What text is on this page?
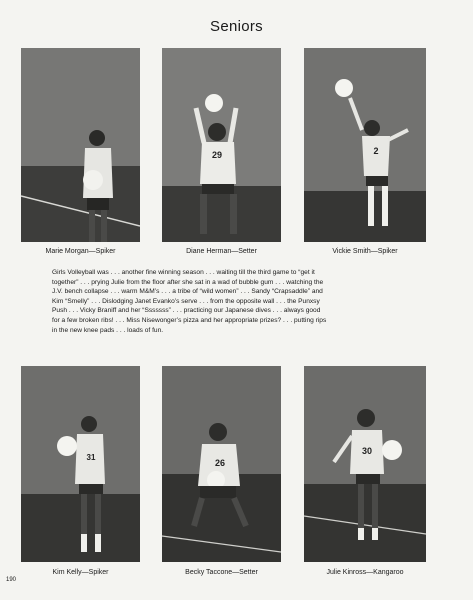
Seniors
Marie Morgan—Spiker
29
Diane Herman—Setter
2
Vickie Smith—Spiker
Girls Volleyball was . . . another fine winning season . . . waiting till the third game to “get it
together” . . . prying Julie from the floor after she sat in a wad of bubble gum . . . watching the
J.V. bench collapse . . . warm M&M’s . . . a tribe of “wild women” . . . Sandy “Crapsaddle” and
Kim “Smelly” . . . Dislodging Janet Evanko’s serve . . . from the opposite wall . . . the Punxsy
Push . . . Vicky Braniff and her “Sssssss” . . . practicing our Japanese dives . . . always good
for a few broken ribs! . . . Miss Nisewonger’s pizza and her appropriate prizes? . . . putting rips
in the new knee pads . . . loads of fun.
31
Kim Kelly—Spiker
26
Becky Taccone—Setter
30
Julie Kinross—Kangaroo
190
